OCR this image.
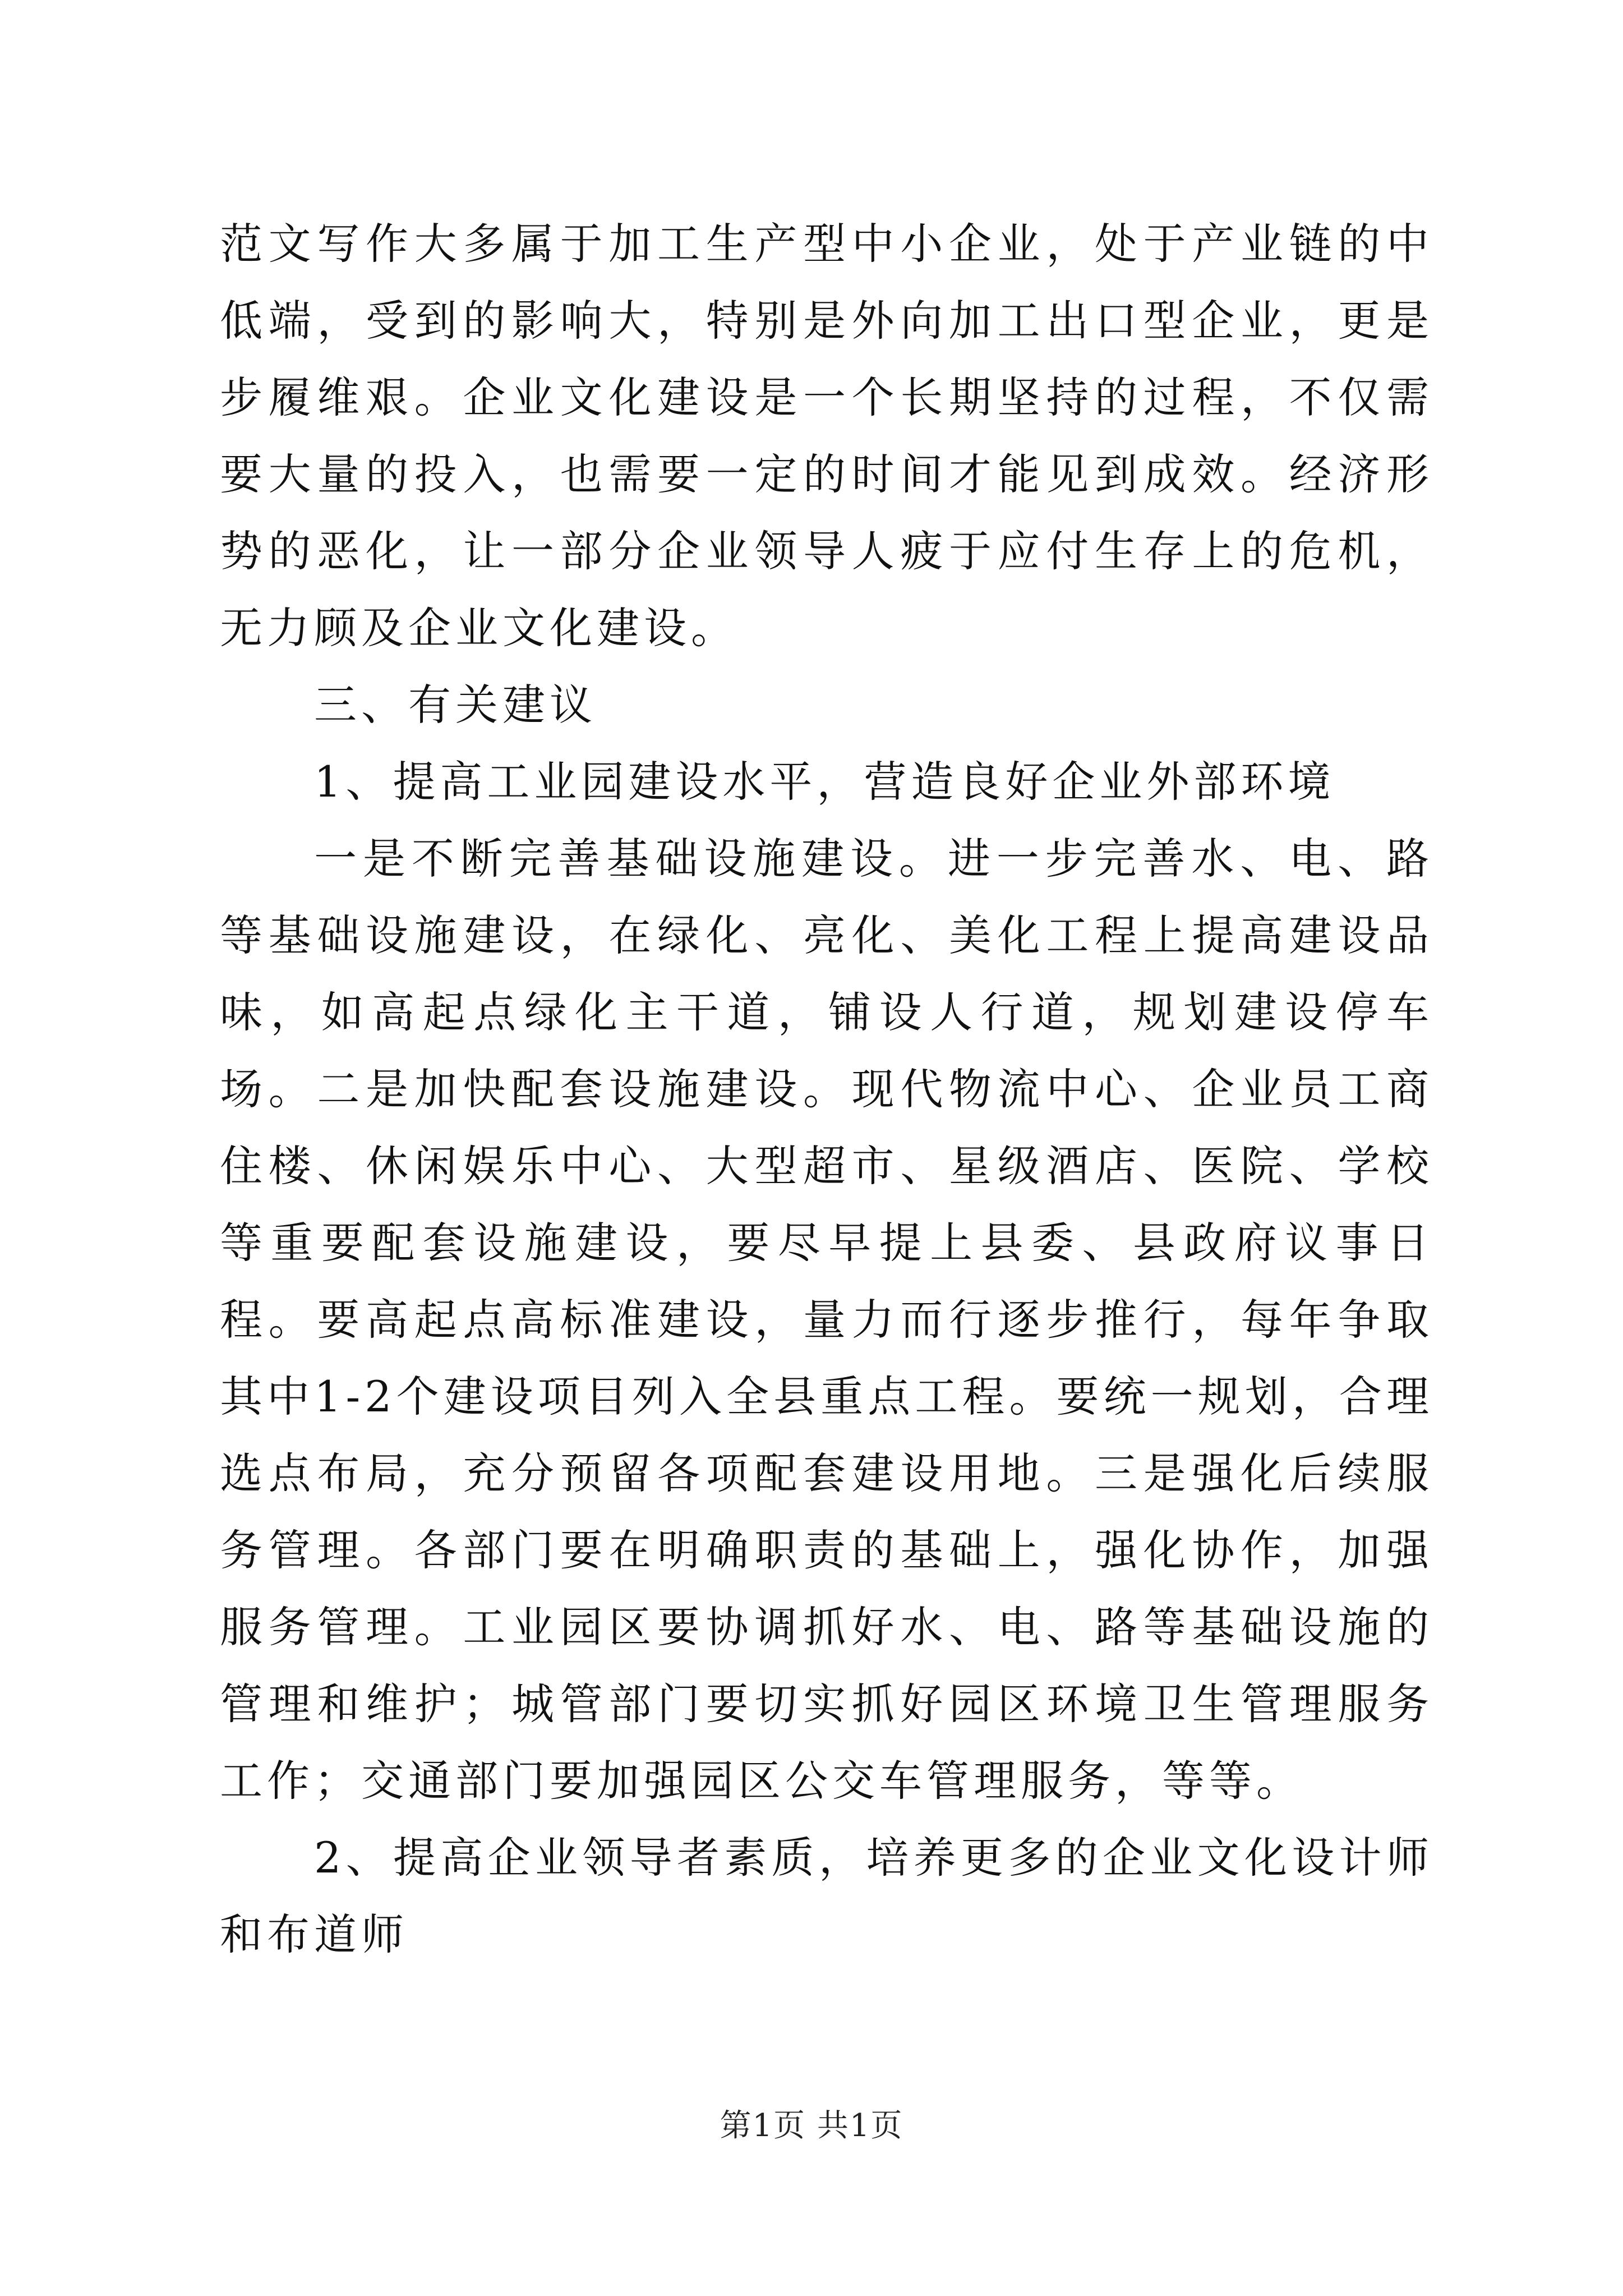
范文写作大多属于加工生产型中小企业，处于产业链的中低端，受到的影响大，特别是外向加工出口型企业，更是步履维艰。企业文化建设是一个长期坚持的过程，不仅需要大量的投入，也需要一定的时间才能见到成效。经济形势的恶化，让一部分企业领导人疲于应付生存上的危机，无力顾及企业文化建设。

三、有关建议

1、提高工业园建设水平，营造良好企业外部环境

一是不断完善基础设施建设。进一步完善水、电、路等基础设施建设，在绿化、亮化、美化工程上提高建设品味，如高起点绿化主干道，铺设人行道，规划建设停车场。二是加快配套设施建设。现代物流中心、企业员工商住楼、休闲娱乐中心、大型超市、星级酒店、医院、学校等重要配套设施建设，要尽早提上县委、县政府议事日程。要高起点高标准建设，量力而行逐步推行，每年争取其中1-2个建设项目列入全县重点工程。要统一规划，合理选点布局，充分预留各项配套建设用地。三是强化后续服务管理。各部门要在明确职责的基础上，强化协作，加强服务管理。工业园区要协调抓好水、电、路等基础设施的管理和维护；城管部门要切实抓好园区环境卫生管理服务工作；交通部门要加强园区公交车管理服务，等等。

2、提高企业领导者素质，培养更多的企业文化设计师和布道师

第1页 共1页
